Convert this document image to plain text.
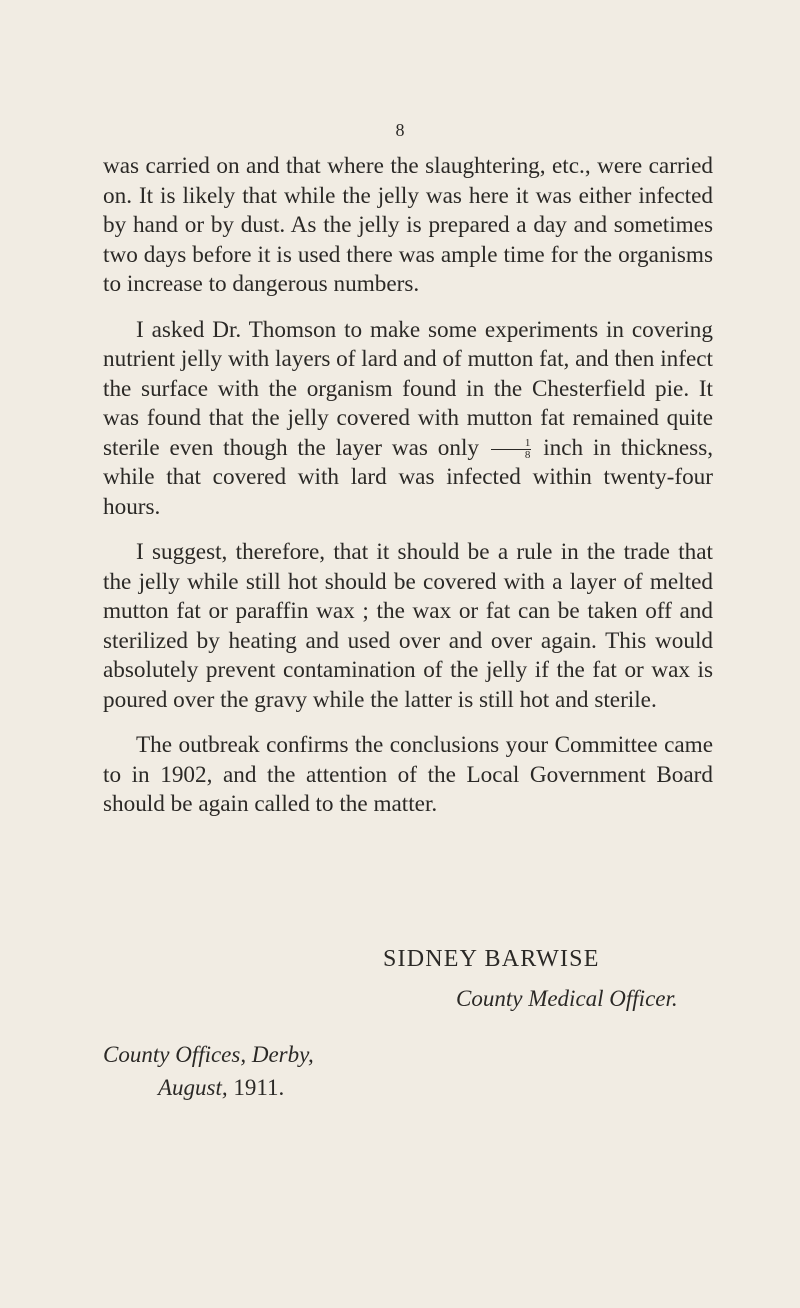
8

was carried on and that where the slaughtering, etc., were carried on. It is likely that while the jelly was here it was either infected by hand or by dust. As the jelly is prepared a day and sometimes two days before it is used there was ample time for the organisms to increase to dangerous numbers.

I asked Dr. Thomson to make some experiments in covering nutrient jelly with layers of lard and of mutton fat, and then infect the surface with the organism found in the Chesterfield pie. It was found that the jelly covered with mutton fat remained quite sterile even though the layer was only $\frac{1}{8}$ inch in thickness, while that covered with lard was infected within twenty-four hours.

I suggest, therefore, that it should be a rule in the trade that the jelly while still hot should be covered with a layer of melted mutton fat or paraffin wax ; the wax or fat can be taken off and sterilized by heating and used over and over again. This would absolutely prevent contamination of the jelly if the fat or wax is poured over the gravy while the latter is still hot and sterile.

The outbreak confirms the conclusions your Committee came to in 1902, and the attention of the Local Government Board should be again called to the matter.

SIDNEY BARWISE
County Medical Officer.
County Offices, Derby,
August, 1911.
